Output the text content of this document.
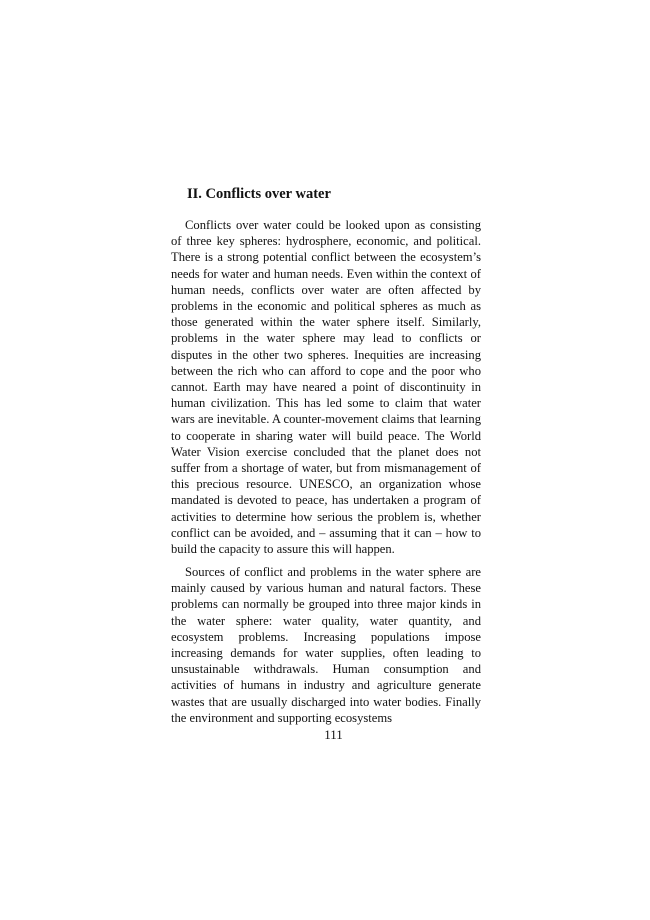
II. Conflicts over water

Conflicts over water could be looked upon as consisting of three key spheres: hydrosphere, economic, and political. There is a strong potential conflict between the ecosystem’s needs for water and human needs. Even within the context of human needs, conflicts over water are often affected by problems in the economic and political spheres as much as those generated within the water sphere itself. Similarly, problems in the water sphere may lead to conflicts or disputes in the other two spheres. Inequities are increasing between the rich who can afford to cope and the poor who cannot. Earth may have neared a point of discontinuity in human civilization. This has led some to claim that water wars are inevitable. A counter-movement claims that learning to cooperate in sharing water will build peace. The World Water Vision exercise concluded that the planet does not suffer from a shortage of water, but from mismanagement of this precious resource. UNESCO, an organization whose mandated is devoted to peace, has undertaken a program of activities to determine how serious the problem is, whether conflict can be avoided, and – assuming that it can – how to build the capacity to assure this will happen.

Sources of conflict and problems in the water sphere are mainly caused by various human and natural factors. These problems can normally be grouped into three major kinds in the water sphere: water quality, water quantity, and ecosystem problems. Increasing populations impose increasing demands for water supplies, often leading to unsustainable withdrawals. Human consumption and activities of humans in industry and agriculture generate wastes that are usually discharged into water bodies. Finally the environment and supporting ecosystems

111
